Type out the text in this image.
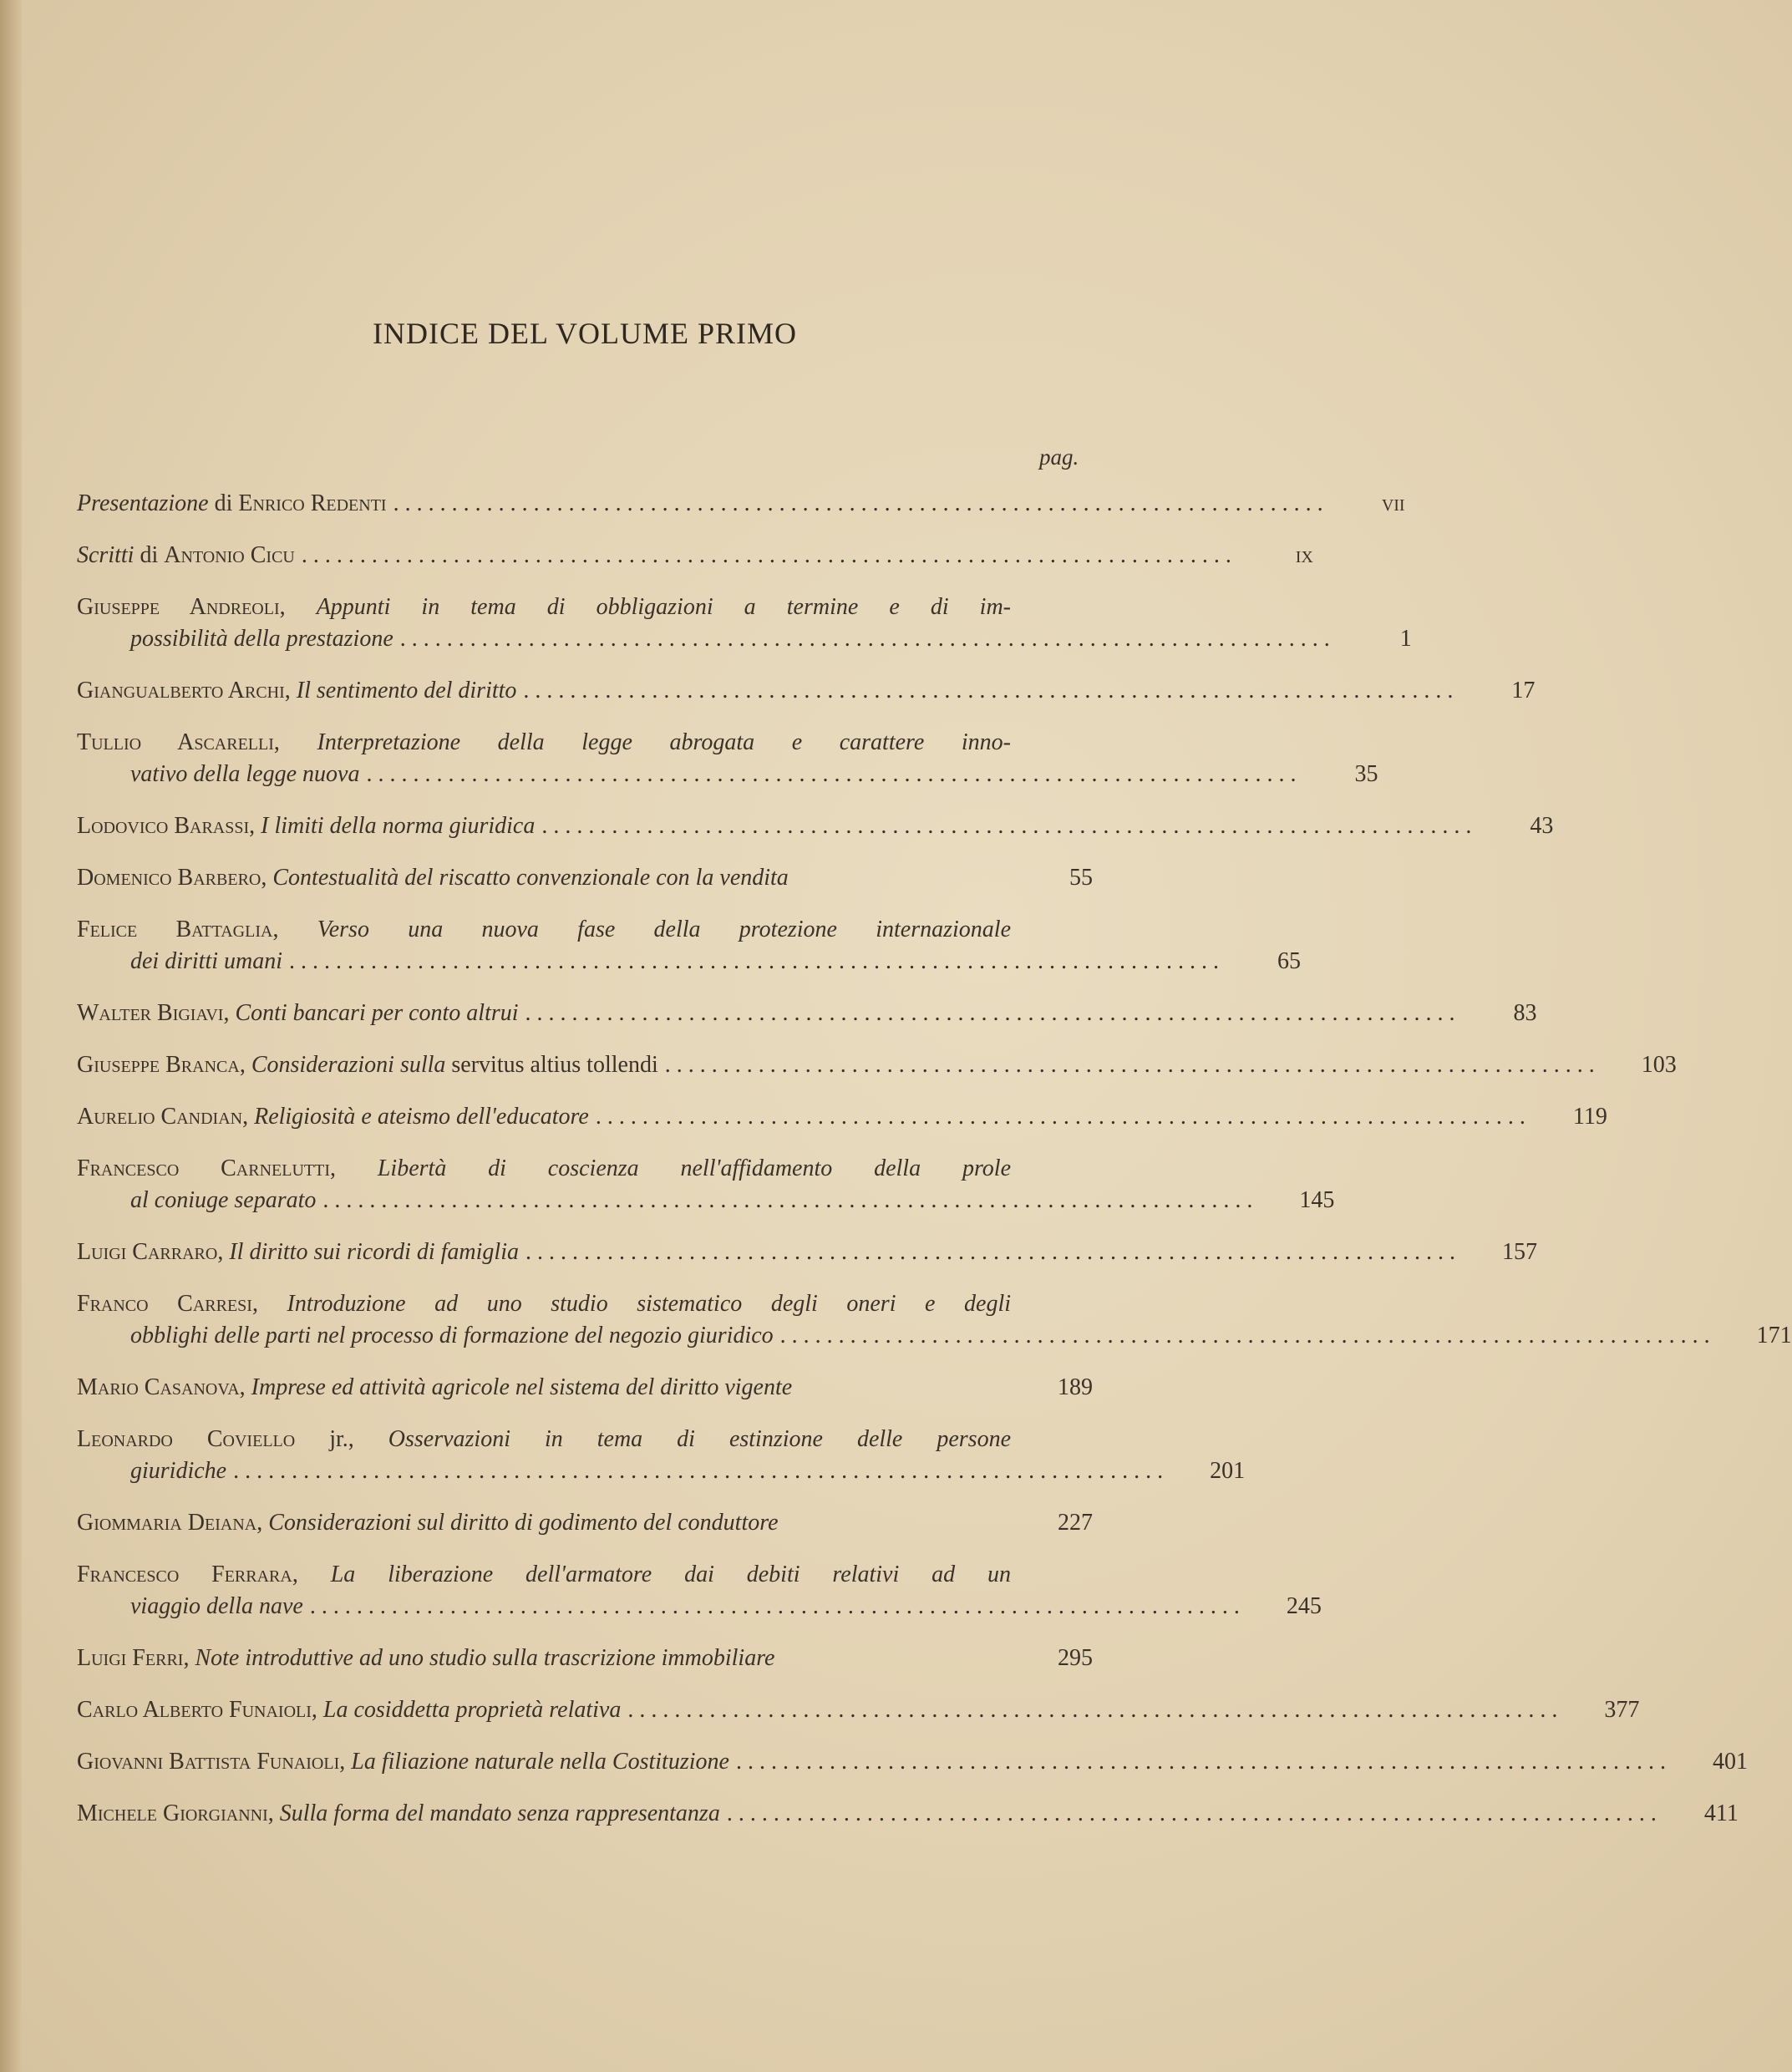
INDICE DEL VOLUME PRIMO
pag.
Presentazione di Enrico Redenti . . . . . . . . . . . . . . . . . . . . . . . . . . . . . . . . . . . . . . . . . . . . . . . . . . . . . . . . . . . . . . . . . . . . . . . . . . . . . . . .	vii
Scritti di Antonio Cicu . . . . . . . . . . . . . . . . . . . . . . . . . . . . . . . . . . . . . . . . . . . . . . . . . . . . . . . . . . . . . . . . . . . . . . . . . . . . . . . .	ix
Giuseppe Andreoli, Appunti in tema di obbligazioni a termine e di im-
possibilità della prestazione . . . . . . . . . . . . . . . . . . . . . . . . . . . . . . . . . . . . . . . . . . . . . . . . . . . . . . . . . . . . . . . . . . . . . . . . . . . . . . . .	1
Giangualberto Archi, Il sentimento del diritto . . . . . . . . . . . . . . . . . . . . . . . . . . . . . . . . . . . . . . . . . . . . . . . . . . . . . . . . . . . . . . . . . . . . . . . . . . . . . . . .	17
Tullio Ascarelli, Interpretazione della legge abrogata e carattere inno-
vativo della legge nuova . . . . . . . . . . . . . . . . . . . . . . . . . . . . . . . . . . . . . . . . . . . . . . . . . . . . . . . . . . . . . . . . . . . . . . . . . . . . . . . .	35
Lodovico Barassi, I limiti della norma giuridica . . . . . . . . . . . . . . . . . . . . . . . . . . . . . . . . . . . . . . . . . . . . . . . . . . . . . . . . . . . . . . . . . . . . . . . . . . . . . . . .	43
Domenico Barbero, Contestualità del riscatto convenzionale con la vendita	55
Felice Battaglia, Verso una nuova fase della protezione internazionale
dei diritti umani . . . . . . . . . . . . . . . . . . . . . . . . . . . . . . . . . . . . . . . . . . . . . . . . . . . . . . . . . . . . . . . . . . . . . . . . . . . . . . . .	65
Walter Bigiavi, Conti bancari per conto altrui . . . . . . . . . . . . . . . . . . . . . . . . . . . . . . . . . . . . . . . . . . . . . . . . . . . . . . . . . . . . . . . . . . . . . . . . . . . . . . . .	83
Giuseppe Branca, Considerazioni sulla servitus altius tollendi . . . . . . . . . . . . . . . . . . . . . . . . . . . . . . . . . . . . . . . . . . . . . . . . . . . . . . . . . . . . . . . . . . . . . . . . . . . . . . . .	103
Aurelio Candian, Religiosità e ateismo dell'educatore . . . . . . . . . . . . . . . . . . . . . . . . . . . . . . . . . . . . . . . . . . . . . . . . . . . . . . . . . . . . . . . . . . . . . . . . . . . . . . . .	119
Francesco Carnelutti, Libertà di coscienza nell'affidamento della prole
al coniuge separato . . . . . . . . . . . . . . . . . . . . . . . . . . . . . . . . . . . . . . . . . . . . . . . . . . . . . . . . . . . . . . . . . . . . . . . . . . . . . . . .	145
Luigi Carraro, Il diritto sui ricordi di famiglia . . . . . . . . . . . . . . . . . . . . . . . . . . . . . . . . . . . . . . . . . . . . . . . . . . . . . . . . . . . . . . . . . . . . . . . . . . . . . . . .	157
Franco Carresi, Introduzione ad uno studio sistematico degli oneri e degli
obblighi delle parti nel processo di formazione del negozio giuridico . . . . . . . . . . . . . . . . . . . . . . . . . . . . . . . . . . . . . . . . . . . . . . . . . . . . . . . . . . . . . . . . . . . . . . . . . . . . . . . .	171
Mario Casanova, Imprese ed attività agricole nel sistema del diritto vigente	189
Leonardo Coviello jr., Osservazioni in tema di estinzione delle persone
giuridiche . . . . . . . . . . . . . . . . . . . . . . . . . . . . . . . . . . . . . . . . . . . . . . . . . . . . . . . . . . . . . . . . . . . . . . . . . . . . . . . .	201
Giommaria Deiana, Considerazioni sul diritto di godimento del conduttore	227
Francesco Ferrara, La liberazione dell'armatore dai debiti relativi ad un
viaggio della nave . . . . . . . . . . . . . . . . . . . . . . . . . . . . . . . . . . . . . . . . . . . . . . . . . . . . . . . . . . . . . . . . . . . . . . . . . . . . . . . .	245
Luigi Ferri, Note introduttive ad uno studio sulla trascrizione immobiliare	295
Carlo Alberto Funaioli, La cosiddetta proprietà relativa . . . . . . . . . . . . . . . . . . . . . . . . . . . . . . . . . . . . . . . . . . . . . . . . . . . . . . . . . . . . . . . . . . . . . . . . . . . . . . . .	377
Giovanni Battista Funaioli, La filiazione naturale nella Costituzione . . . . . . . . . . . . . . . . . . . . . . . . . . . . . . . . . . . . . . . . . . . . . . . . . . . . . . . . . . . . . . . . . . . . . . . . . . . . . . . .	401
Michele Giorgianni, Sulla forma del mandato senza rappresentanza . . . . . . . . . . . . . . . . . . . . . . . . . . . . . . . . . . . . . . . . . . . . . . . . . . . . . . . . . . . . . . . . . . . . . . . . . . . . . . . .	411
